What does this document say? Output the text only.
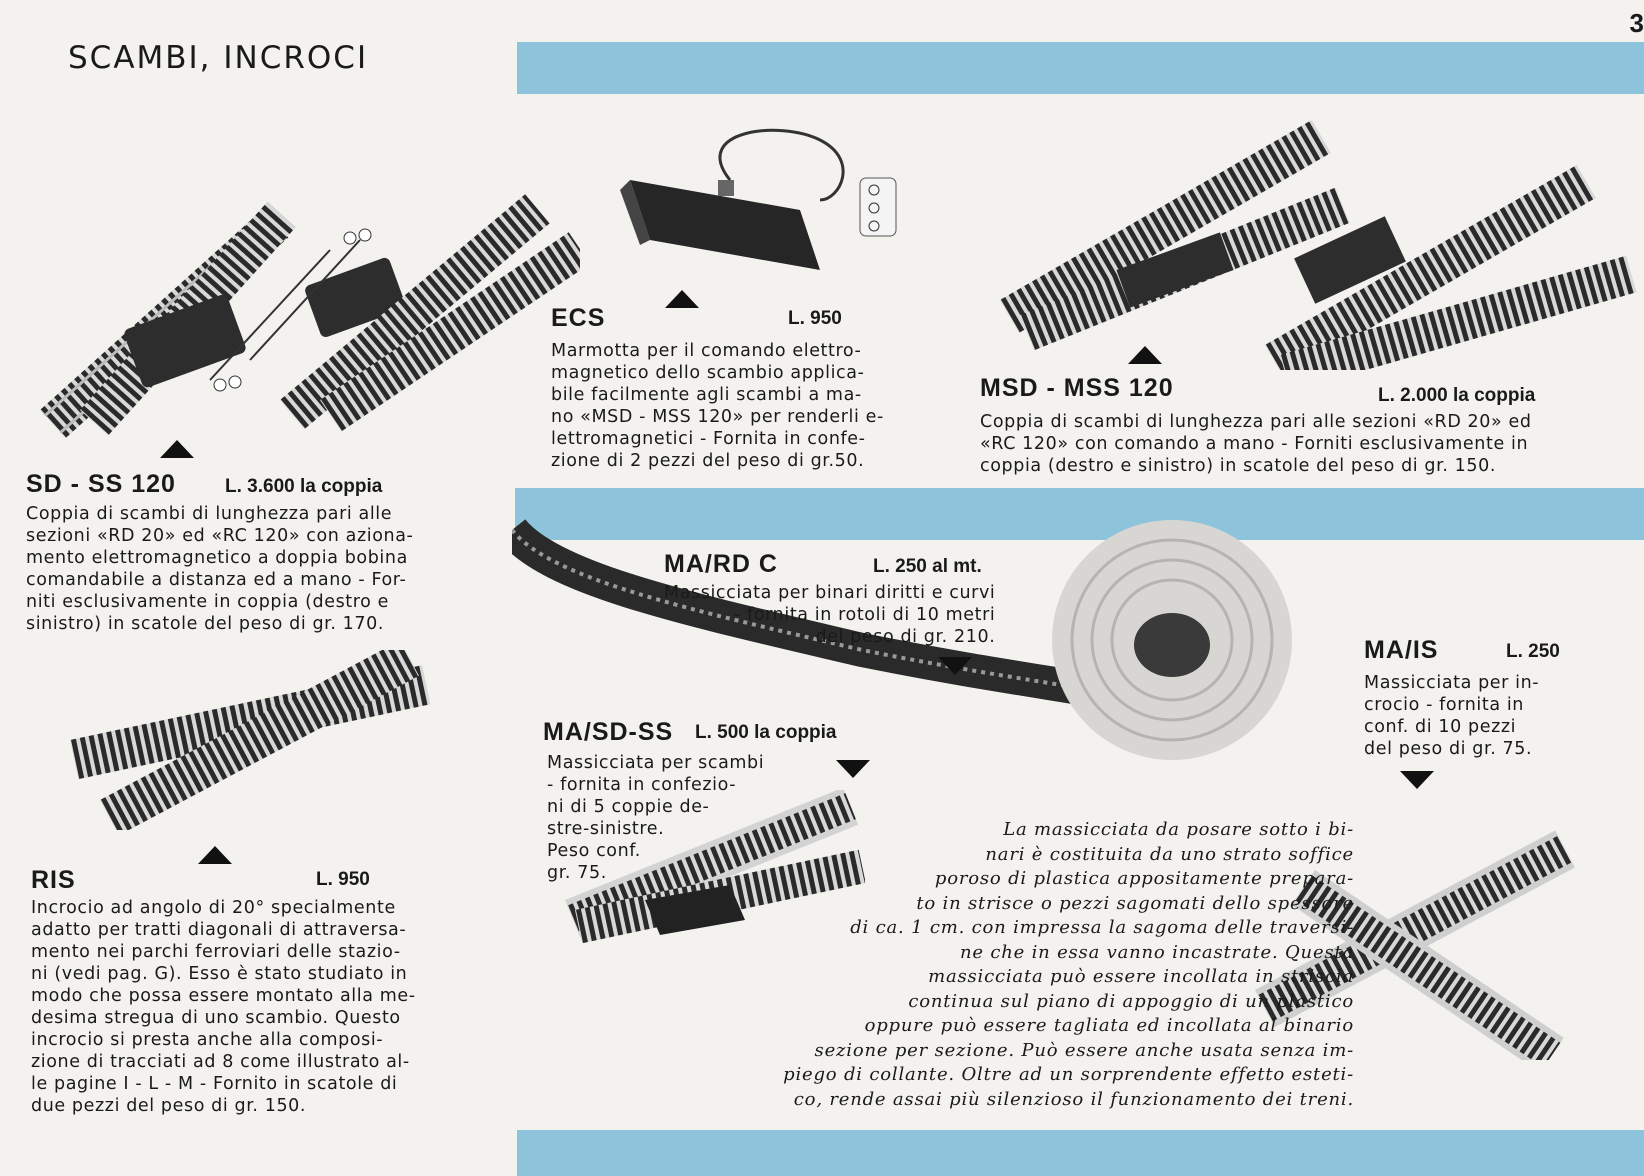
SCAMBI, INCROCI
3
SD - SS 120	L. 3.600 la coppia
Coppia di scambi di lunghezza pari alle
sezioni «RD 20» ed «RC 120» con aziona-
mento elettromagnetico a doppia bobina
comandabile a distanza ed a mano - For-
niti esclusivamente in coppia (destro e
sinistro) in scatole del peso di gr. 170.
ECS	L. 950
Marmotta per il comando elettro-
magnetico dello scambio applica-
bile facilmente agli scambi a ma-
no «MSD - MSS 120» per renderli e-
lettromagnetici - Fornita in confe-
zione di 2 pezzi del peso di gr.50.
MSD - MSS 120	L. 2.000 la coppia
Coppia di scambi di lunghezza pari alle sezioni «RD 20» ed
«RC 120» con comando a mano - Forniti esclusivamente in
coppia (destro e sinistro) in scatole del peso di gr. 150.
MA/RD C	L. 250 al mt.
Massicciata per binari diritti e curvi
- fornita in rotoli di 10 metri
del peso di gr. 210.	MA/IS	L. 250
Massicciata per in-
crocio - fornita in
conf. di 10 pezzi
del peso di gr. 75.
MA/SD-SS L. 500 la coppia
Massicciata per scambi
- fornita in confezio-
ni di 5 coppie de-
stre-sinistre.
Peso conf.
gr. 75.
RIS	L. 950
Incrocio ad angolo di 20° specialmente
adatto per tratti diagonali di attraversa-
mento nei parchi ferroviari delle stazio-
ni (vedi pag. G). Esso è stato studiato in
modo che possa essere montato alla me-
desima stregua di uno scambio. Questo
incrocio si presta anche alla composi-
zione di tracciati ad 8 come illustrato al-
le pagine I - L - M - Fornito in scatole di
due pezzi del peso di gr. 150.
La massicciata da posare sotto i bi-
nari è costituita da uno strato soffice
poroso di plastica appositamente prepara-
to in strisce o pezzi sagomati dello spessore
di ca. 1 cm. con impressa la sagoma delle traversi-
ne che in essa vanno incastrate. Questa
massicciata può essere incollata in striscia
continua sul piano di appoggio di un plastico
oppure può essere tagliata ed incollata al binario
sezione per sezione. Può essere anche usata senza im-
piego di collante. Oltre ad un sorprendente effetto esteti-
co, rende assai più silenzioso il funzionamento dei treni.
